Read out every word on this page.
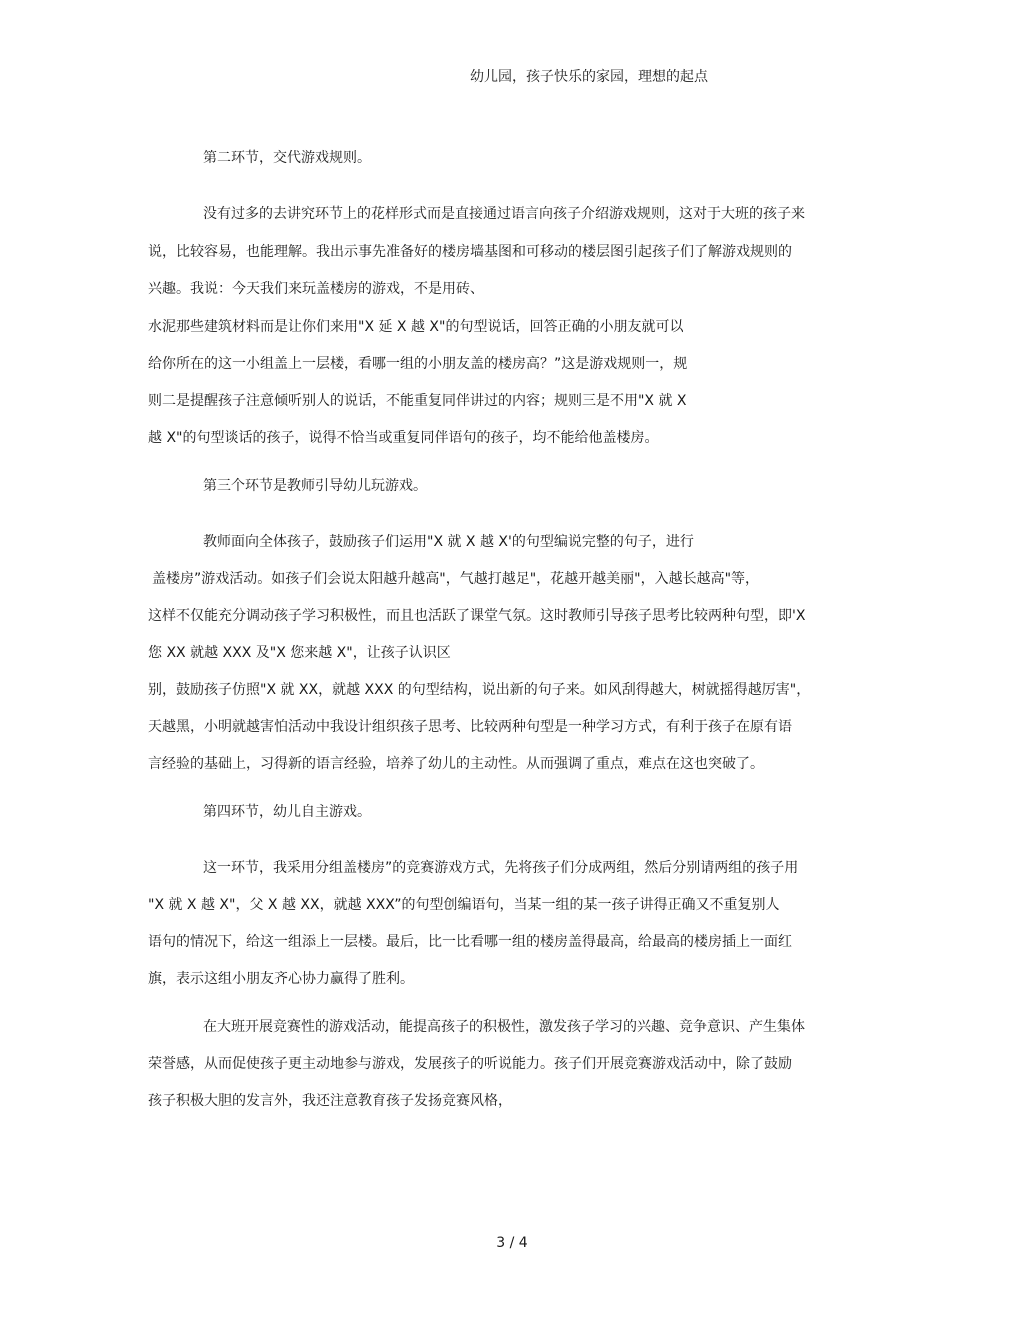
幼儿园，孩子快乐的家园，理想的起点
第二环节，交代游戏规则。
没有过多的去讲究环节上的花样形式而是直接通过语言向孩子介绍游戏规则，这对于大班的孩子来
说，比较容易，也能理解。我出示事先准备好的楼房墙基图和可移动的楼层图引起孩子们了解游戏规则的
兴趣。我说：今天我们来玩盖楼房的游戏，不是用砖、
水泥那些建筑材料而是让你们来用"X 延 X 越 X"的句型说话，回答正确的小朋友就可以
给你所在的这一小组盖上一层楼，看哪一组的小朋友盖的楼房高？”这是游戏规则一，规
则二是提醒孩子注意倾听别人的说话，不能重复同伴讲过的内容；规则三是不用"X 就 X
越 X"的句型谈话的孩子，说得不恰当或重复同伴语句的孩子，均不能给他盖楼房。
第三个环节是教师引导幼儿玩游戏。
教师面向全体孩子，鼓励孩子们运用"X 就 X 越 X'的句型编说完整的句子，进行
盖楼房”游戏活动。如孩子们会说太阳越升越高"，气越打越足"，花越开越美丽"，入越长越高"等，
这样不仅能充分调动孩子学习积极性，而且也活跃了课堂气氛。这时教师引导孩子思考比较两种句型，即'X
您 XX 就越 XXX 及"X 您来越 X"，让孩子认识区
别，鼓励孩子仿照"X 就 XX，就越 XXX 的句型结构，说出新的句子来。如风刮得越大，树就摇得越厉害"，
天越黑，小明就越害怕活动中我设计组织孩子思考、比较两种句型是一种学习方式，有利于孩子在原有语
言经验的基础上，习得新的语言经验，培养了幼儿的主动性。从而强调了重点，难点在这也突破了。
第四环节，幼儿自主游戏。
这一环节，我采用分组盖楼房”的竞赛游戏方式，先将孩子们分成两组，然后分别请两组的孩子用
"X 就 X 越 X"，父 X 越 XX，就越 XXX”的句型创编语句，当某一组的某一孩子讲得正确又不重复别人
语句的情况下，给这一组添上一层楼。最后，比一比看哪一组的楼房盖得最高，给最高的楼房插上一面红
旗，表示这组小朋友齐心协力赢得了胜利。
在大班开展竞赛性的游戏活动，能提高孩子的积极性，激发孩子学习的兴趣、竞争意识、产生集体
荣誉感，从而促使孩子更主动地参与游戏，发展孩子的听说能力。孩子们开展竞赛游戏活动中，除了鼓励
孩子积极大胆的发言外，我还注意教育孩子发扬竞赛风格，
3 / 4
